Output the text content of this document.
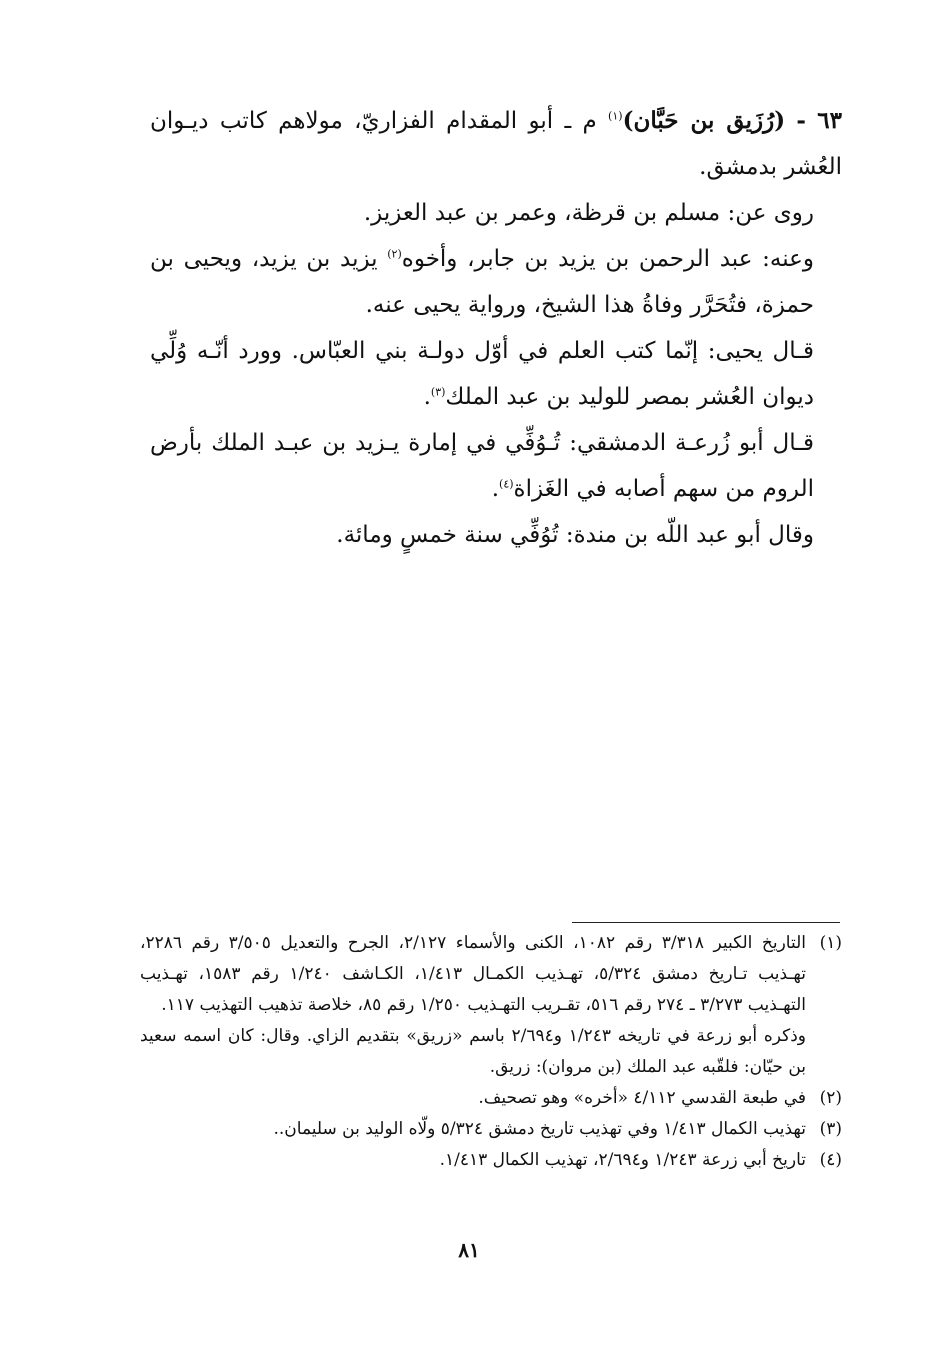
٦٣ - (رُزَيق بن حَبَّان)$^{(١)}$ م ـ أبو المقدام الفزاريّ، مولاهم كاتب ديـوان العُشر بدمشق.

روى عن: مسلم بن قرظة، وعمر بن عبد العزيز.

وعنه: عبد الرحمن بن يزيد بن جابر، وأخوه$^{(٢)}$ يزيد بن يزيد، ويحيى بن حمزة، فتُحَرَّر وفاةُ هذا الشيخ، ورواية يحيى عنه.

قـال يحيى: إنّما كتب العلم في أوّل دولـة بني العبّاس. وورد أنّـه وُلِّي ديوان العُشر بمصر للوليد بن عبد الملك$^{(٣)}$.

قـال أبو زُرعـة الدمشقي: تُـوُفِّي في إمارة يـزيد بن عبـد الملك بأرض الروم من سهم أصابه في الغَزاة$^{(٤)}$.

وقال أبو عبد اللّه بن مندة: تُوُفِّي سنة خمسٍ ومائة.

(١)
التاريخ الكبير ٣/٣١٨ رقم ١٠٨٢، الكنى والأسماء ٢/١٢٧، الجرح والتعديل ٣/٥٠٥ رقم ٢٢٨٦، تهـذيب تـاريخ دمشق ٥/٣٢٤، تهـذيب الكمـال ١/٤١٣، الكـاشف ١/٢٤٠ رقم ١٥٨٣، تهـذيب التهـذيب ٣/٢٧٣ ـ ٢٧٤ رقم ٥١٦، تقـريب التهـذيب ١/٢٥٠ رقم ٨٥، خلاصة تذهيب التهذيب ١١٧.
وذكره أبو زرعة في تاريخه ١/٢٤٣ و٢/٦٩٤ باسم «زريق» بتقديم الزاي. وقال: كان اسمه سعيد بن حيّان: فلقّبه عبد الملك (بن مروان): زريق.
(٢)
في طبعة القدسي ٤/١١٢ «أخره» وهو تصحيف.
(٣)
تهذيب الكمال ١/٤١٣ وفي تهذيب تاريخ دمشق ٥/٣٢٤ ولّاه الوليد بن سليمان..
(٤)
تاريخ أبي زرعة ١/٢٤٣ و٢/٦٩٤، تهذيب الكمال ١/٤١٣.
٨١
